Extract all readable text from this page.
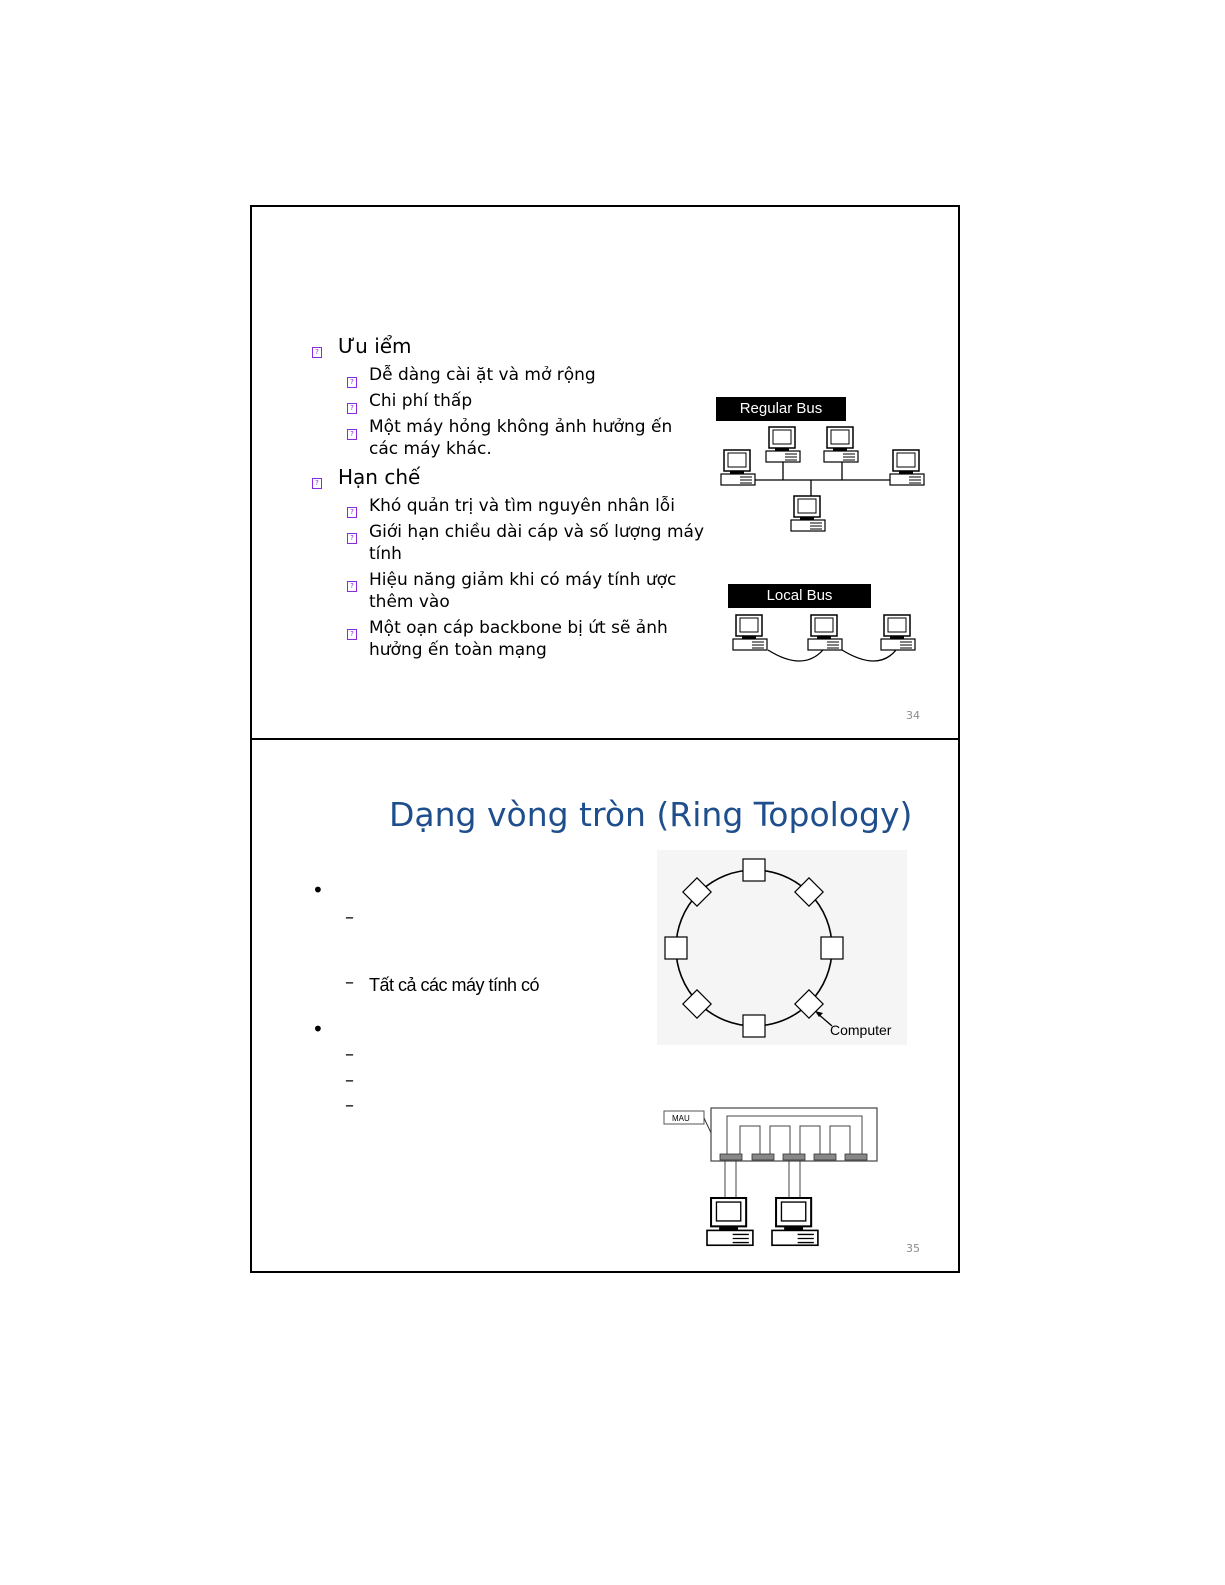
? Ưu iểm
? Dễ dàng cài ặt và mở rộng
? Chi phí thấp
? Một máy hỏng không ảnh hưởng ến
các máy khác.
? Hạn chế
? Khó quản trị và tìm nguyên nhân lỗi
? Giới hạn chiều dài cáp và số lượng máy
tính
? Hiệu năng giảm khi có máy tính ược
thêm vào
? Một oạn cáp backbone bị ứt sẽ ảnh
hưởng ến toàn mạng
Regular Bus
Local Bus
34
Dạng vòng tròn (Ring Topology)
•
–
– Tất cả các máy tính có
•
–
–
–
Computer
MAU
35
